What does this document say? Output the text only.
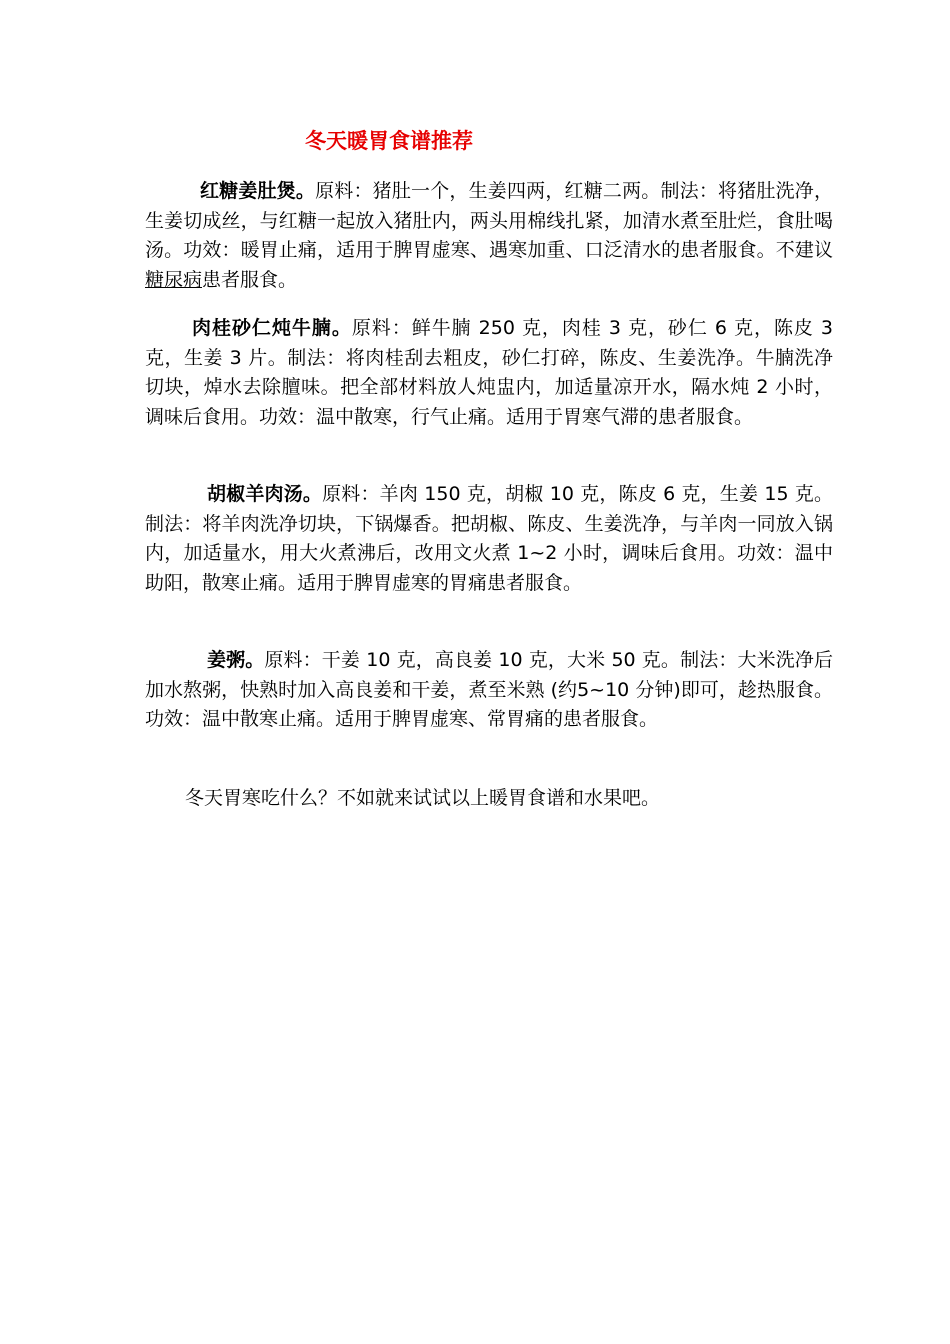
冬天暖胃食谱推荐

红糖姜肚煲。原料：猪肚一个，生姜四两，红糖二两。制法：将猪肚洗净，生姜切成丝，与红糖一起放入猪肚内，两头用棉线扎紧，加清水煮至肚烂，食肚喝汤。功效：暖胃止痛，适用于脾胃虚寒、遇寒加重、口泛清水的患者服食。不建议糖尿病患者服食。

肉桂砂仁炖牛腩。原料：鲜牛腩 250 克，肉桂 3 克，砂仁 6 克，陈皮 3 克，生姜 3 片。制法：将肉桂刮去粗皮，砂仁打碎，陈皮、生姜洗净。牛腩洗净切块，焯水去除膻味。把全部材料放人炖盅内，加适量凉开水，隔水炖 2 小时，调味后食用。功效：温中散寒，行气止痛。适用于胃寒气滞的患者服食。

胡椒羊肉汤。原料：羊肉 150 克，胡椒 10 克，陈皮 6 克，生姜 15 克。制法：将羊肉洗净切块，下锅爆香。把胡椒、陈皮、生姜洗净，与羊肉一同放入锅内，加适量水，用大火煮沸后，改用文火煮 1~2 小时，调味后食用。功效：温中助阳，散寒止痛。适用于脾胃虚寒的胃痛患者服食。

姜粥。原料：干姜 10 克，高良姜 10 克，大米 50 克。制法：大米洗净后加水熬粥，快熟时加入高良姜和干姜，煮至米熟 (约5~10 分钟)即可，趁热服食。功效：温中散寒止痛。适用于脾胃虚寒、常胃痛的患者服食。

冬天胃寒吃什么？不如就来试试以上暖胃食谱和水果吧。
